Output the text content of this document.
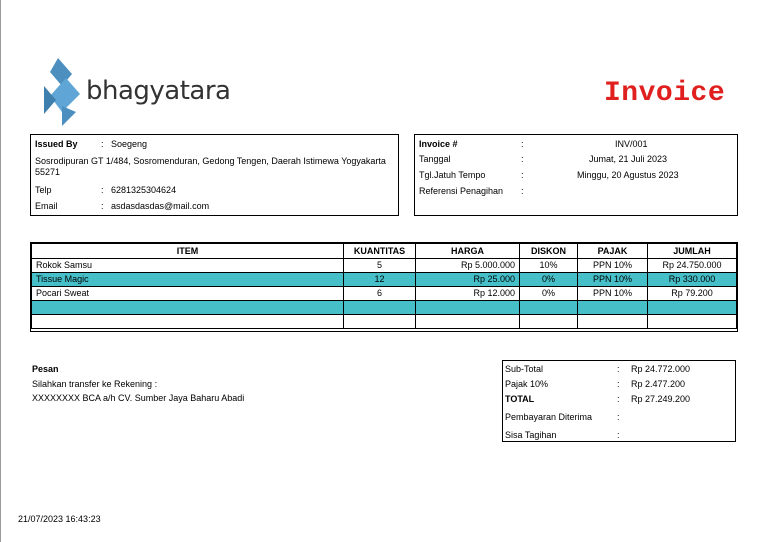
bhagyatara	Invoice
Issued By	: Soegeng
Sosrodipuran GT 1/484, Sosromenduran, Gedong Tengen, Daerah Istimewa Yogyakarta 55271
Telp	: 6281325304624
Email	: asdasdasdas@mail.com
Invoice #	:	INV/001
Tanggal	:	Jumat, 21 Juli 2023
Tgl.Jatuh Tempo	:	Minggu, 20 Agustus 2023
Referensi Penagihan :
ITEM	KUANTITAS	HARGA	DISKON	PAJAK	JUMLAH
Rokok Samsu	5	Rp 5.000.000	10%	PPN 10%	Rp 24.750.000
Tissue Magic	12	Rp 25.000	0%	PPN 10%	Rp 330.000
Pocari Sweat	6	Rp 12.000	0%	PPN 10%	Rp 79.200

Pesan
Silahkan transfer ke Rekening :
XXXXXXXX BCA a/h CV. Sumber Jaya Baharu Abadi
Sub-Total	: Rp 24.772.000
Pajak 10%	: Rp 2.477.200
TOTAL	: Rp 27.249.200
Pembayaran Diterima	:
Sisa Tagihan	:
21/07/2023 16:43:23
